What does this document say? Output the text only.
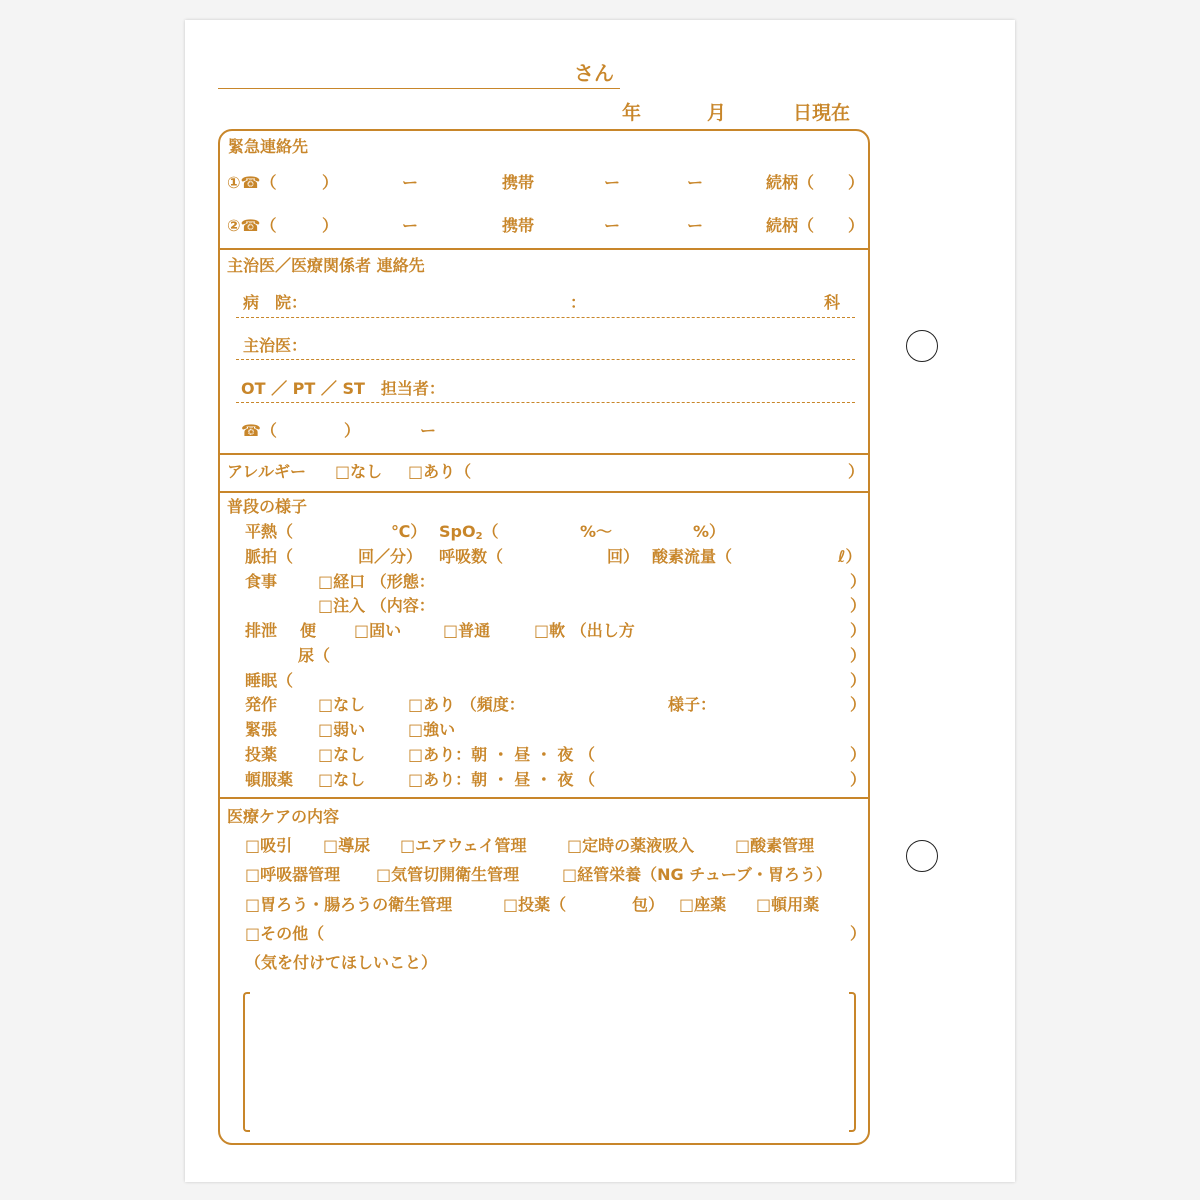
さん
年	月	日現在
緊急連絡先
①☎（	）	ー	携帯	ー	ー	続柄（ ）
②☎（	）	ー	携帯	ー	ー	続柄（ ）
主治医／医療関係者 連絡先
病　院：	：	科
主治医：
OT ／ PT ／ ST　担当者：
☎（	）	ー
アレルギー □なし □あり（	）
普段の様子
平熱（	℃） SpO2（	%〜	%）
脈拍（	回／分） 呼吸数（	回） 酸素流量（	ℓ）
食事	□経口 （形態：	）
□注入 （内容：	）
排泄 便 □固い	□普通	□軟 （出し方	）
尿（	）
睡眠（	）
発作	□なし	□あり （頻度：	様子：	）
緊張	□弱い	□強い
投薬	□なし	□あり：朝 ・ 昼 ・ 夜 （	）
頓服薬 □なし	□あり：朝 ・ 昼 ・ 夜 （	）
医療ケアの内容
□吸引 □導尿 □エアウェイ管理	□定時の薬液吸入	□酸素管理
□呼吸器管理 □気管切開衛生管理	□経管栄養（NG チューブ・胃ろう）
□胃ろう・腸ろうの衛生管理	□投薬（	包） □座薬 □頓用薬
□その他（	）
（気を付けてほしいこと）
